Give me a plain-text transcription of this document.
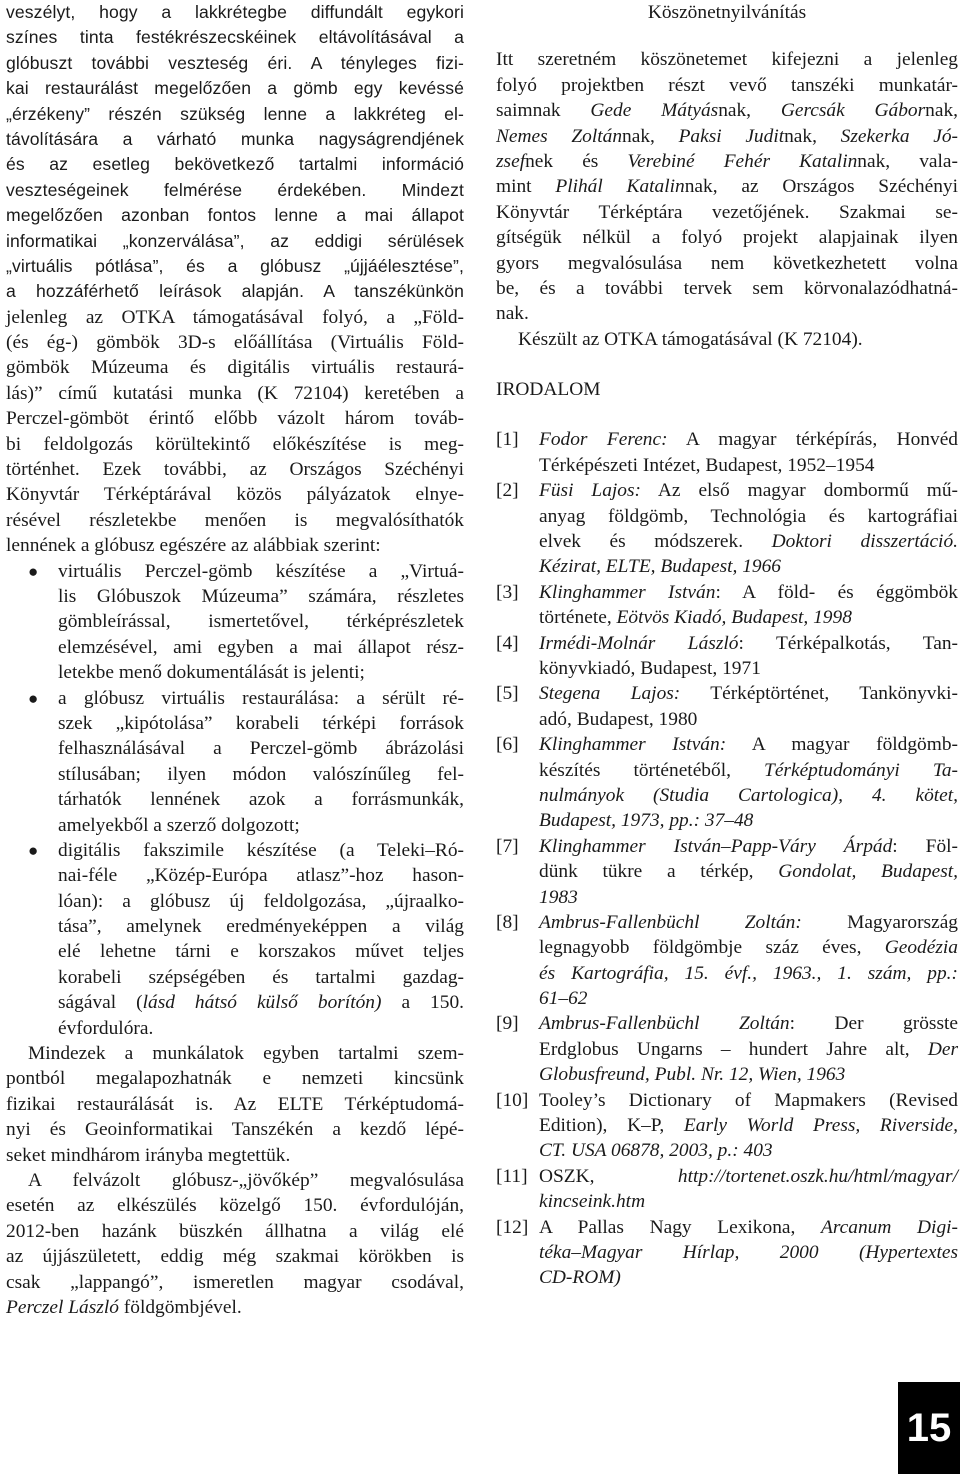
veszélyt, hogy a lakkrétegbe diffundált egykori
színes tinta festékrészecskéinek eltávolításával a
glóbuszt további veszteség éri. A tényleges fizi-
kai restaurálást megelőzően a gömb egy kevéssé
„érzékeny” részén szükség lenne a lakkréteg el-
távolítására a várható munka nagyságrendjének
és az esetleg bekövetkező tartalmi információ
veszteségeinek felmérése érdekében. Mindezt
megelőzően azonban fontos lenne a mai állapot
informatikai „konzerválása”, az eddigi sérülések
„virtuális pótlása”, és a glóbusz „újjáélesztése”,
a hozzáférhető leírások alapján. A tanszékünkön
jelenleg az OTKA támogatásával folyó, a „Föld-
(és ég-) gömbök 3D-s előállítása (Virtuális Föld-
gömbök Múzeuma és digitális virtuális restaurá-
lás)” című kutatási munka (K 72104) keretében a
Perczel-gömböt érintő előbb vázolt három továb-
bi feldolgozás körültekintő előkészítése is meg-
történhet. Ezek további, az Országos Széchényi
Könyvtár Térképtárával közös pályázatok elnye-
résével részletekbe menően is megvalósíthatók
lennének a glóbusz egészére az alábbiak szerint:
● virtuális Perczel-gömb készítése a „Virtuá-
lis Glóbuszok Múzeuma” számára, részletes
gömbleírással, ismertetővel, térképrészletek
elemzésével, ami egyben a mai állapot rész-
letekbe menő dokumentálását is jelenti;
● a glóbusz virtuális restaurálása: a sérült ré-
szek „kipótolása” korabeli térképi források
felhasználásával a Perczel-gömb ábrázolási
stílusában; ilyen módon valószínűleg fel-
tárhatók lennének azok a forrásmunkák,
amelyekből a szerző dolgozott;
● digitális fakszimile készítése (a Teleki–Ró-
nai-féle „Közép-Európa atlasz”-hoz hason-
lóan): a glóbusz új feldolgozása, „újraalko-
tása”, amelynek eredményeképpen a világ
elé lehetne tárni e korszakos művet teljes
korabeli szépségében és tartalmi gazdag-
ságával (lásd hátsó külső borítón) a 150.
évfordulóra.
Mindezek a munkálatok egyben tartalmi szem-
pontból megalapozhatnák e nemzeti kincsünk
fizikai restaurálását is. Az ELTE Térképtudomá-
nyi és Geoinformatikai Tanszékén a kezdő lépé-
seket mindhárom irányba megtettük.
A felvázolt glóbusz-„jövőkép” megvalósulása
esetén az elkészülés közelgő 150. évfordulóján,
2012-ben hazánk büszkén állhatna a világ elé
az újjászületett, eddig még szakmai körökben is
csak „lappangó”, ismeretlen magyar csodával,
Perczel László földgömbjével.
Köszönetnyilvánítás
Itt szeretném köszönetemet kifejezni a jelenleg
folyó projektben részt vevő tanszéki munkatár-
saimnak Gede Mátyásnak, Gercsák Gábornak,
Nemes Zoltánnak, Paksi Juditnak, Szekerka Jó-
zsefnek és Verebiné Fehér Katalinnak, vala-
mint Plihál Katalinnak, az Országos Széchényi
Könyvtár Térképtára vezetőjének. Szakmai se-
gítségük nélkül a folyó projekt alapjainak ilyen
gyors megvalósulása nem következhetett volna
be, és a további tervek sem körvonalazódhatná-
nak.
Készült az OTKA támogatásával (K 72104).
IRODALOM
[1] Fodor Ferenc: A magyar térképírás, Honvéd
Térképészeti Intézet, Budapest, 1952–1954
[2] Füsi Lajos: Az első magyar dombormű mű-
anyag földgömb, Technológia és kartográfiai
elvek és módszerek. Doktori disszertáció.
Kézirat, ELTE, Budapest, 1966
[3] Klinghammer István: A föld- és éggömbök
története, Eötvös Kiadó, Budapest, 1998
[4] Irmédi-Molnár László: Térképalkotás, Tan-
könyvkiadó, Budapest, 1971
[5] Stegena Lajos: Térképtörténet, Tankönyvki-
adó, Budapest, 1980
[6] Klinghammer István: A magyar földgömb-
készítés történetéből, Térképtudományi Ta-
nulmányok (Studia Cartologica), 4. kötet,
Budapest, 1973, pp.: 37–48
[7] Klinghammer István–Papp-Váry Árpád: Föl-
dünk tükre a térkép, Gondolat, Budapest,
1983
[8] Ambrus-Fallenbüchl Zoltán: Magyarország
legnagyobb földgömbje száz éves, Geodézia
és Kartográfia, 15. évf., 1963., 1. szám, pp.:
61–62
[9] Ambrus-Fallenbüchl Zoltán: Der grösste
Erdglobus Ungarns – hundert Jahre alt, Der
Globusfreund, Publ. Nr. 12, Wien, 1963
[10] Tooley’s Dictionary of Mapmakers (Revised
Edition), K–P, Early World Press, Riverside,
CT. USA 06878, 2003, p.: 403
[11] OSZK, http://tortenet.oszk.hu/html/magyar/
kincseink.htm
[12] A Pallas Nagy Lexikona, Arcanum Digi-
téka–Magyar Hírlap, 2000 (Hypertextes
CD-ROM)
15
